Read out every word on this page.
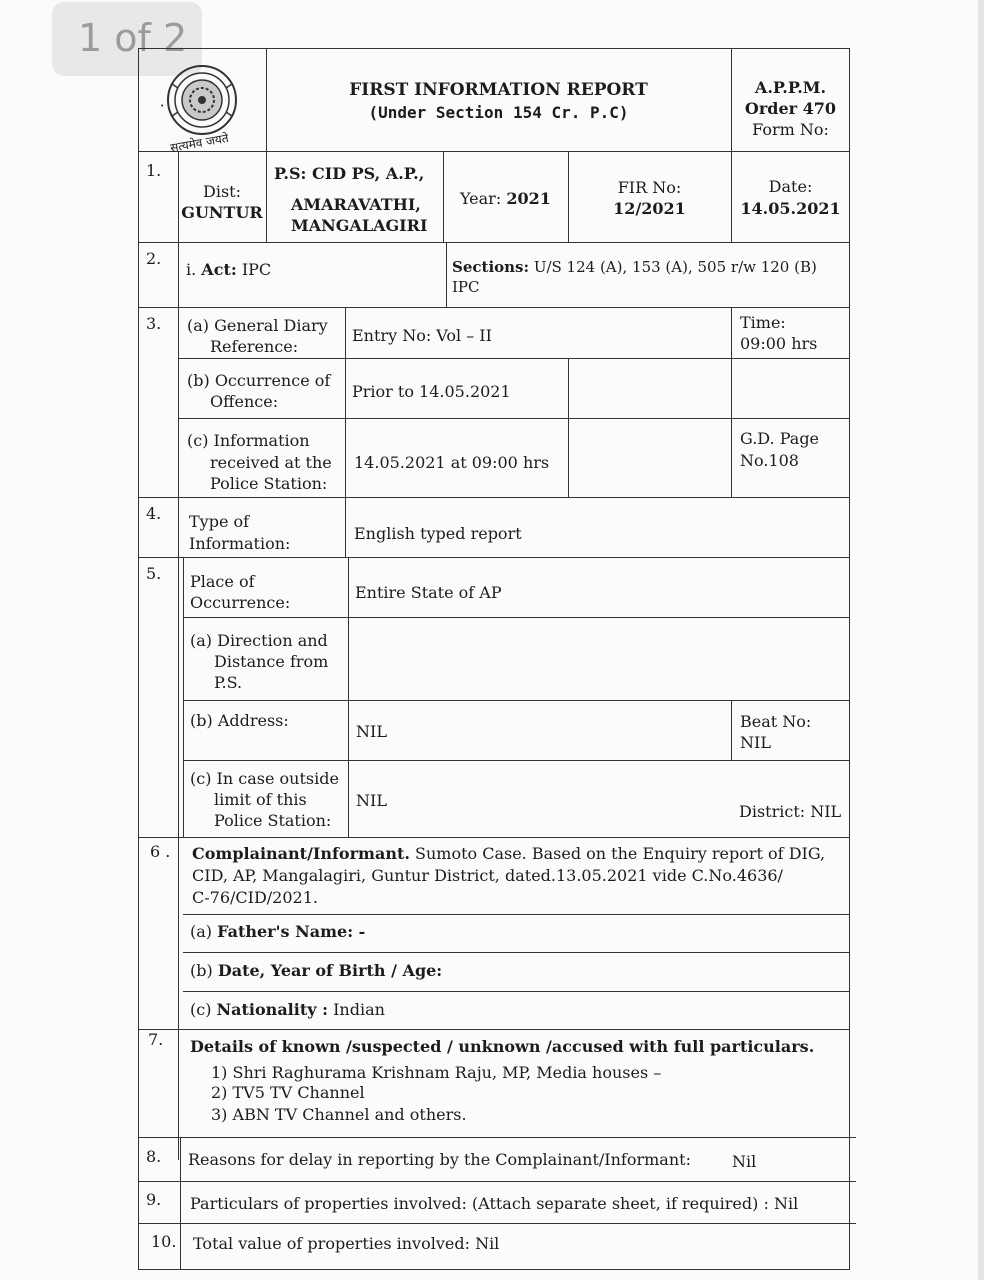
1 of 2
•
सत्यमेव जयते
FIRST INFORMATION REPORT
(Under Section 154 Cr. P.C)
A.P.P.M.
Order 470
Form No:
1.
Dist:
GUNTUR
P.S: CID PS, A.P.,
AMARAVATHI,
MANGALAGIRI
Year: 2021
FIR No:
12/2021
Date:
14.05.2021
2.
i. Act: IPC	Sections: U/S 124 (A), 153 (A), 505 r/w 120 (B)
IPC
3. (a) General Diary
Reference:
Entry No: Vol – II
Time:
09:00 hrs
(b) Occurrence of
Offence:
Prior to 14.05.2021
(c) Information
received at the
Police Station:
14.05.2021 at 09:00 hrs
G.D. Page
No.108
4. Type of
Information:
English typed report
5. Place of
Occurrence:
Entire State of AP
(a) Direction and
Distance from
P.S.
(b) Address:
NIL
Beat No:
NIL
(c) In case outside
limit of this
Police Station:
NIL
District: NIL
6 . Complainant/Informant. Sumoto Case. Based on the Enquiry report of DIG,
CID, AP, Mangalagiri, Guntur District, dated.13.05.2021 vide C.No.4636/
C-76/CID/2021.
(a) Father's Name: -
(b) Date, Year of Birth / Age:
(c) Nationality : Indian
7. Details of known /suspected / unknown /accused with full particulars.
1) Shri Raghurama Krishnam Raju, MP, Media houses –
2) TV5 TV Channel
3) ABN TV Channel and others.
8. Reasons for delay in reporting by the Complainant/Informant:	Nil
9. Particulars of properties involved: (Attach separate sheet, if required) : Nil
10. Total value of properties involved: Nil
